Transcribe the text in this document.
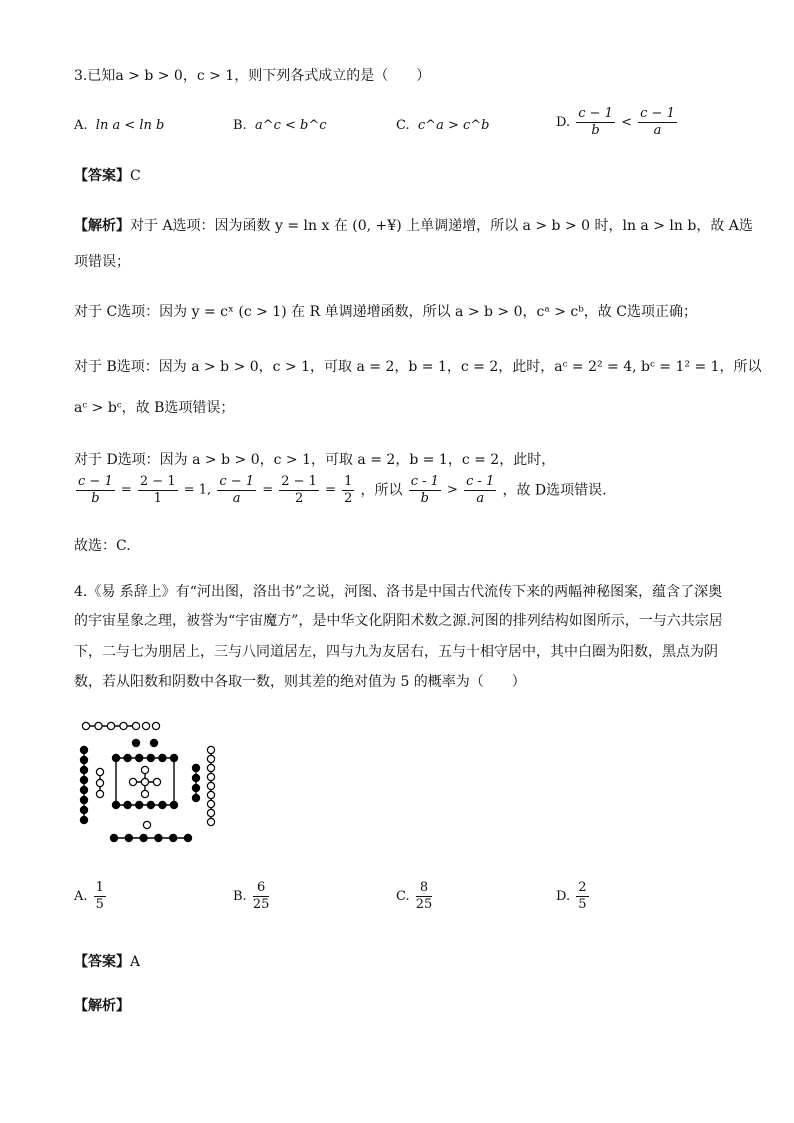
3.已知a > b > 0，c > 1，则下列各式成立的是（　　）
A. ln a < ln b	B. a^c < b^c	C. c^a > c^b	D. $\frac{c - 1}{b} < \frac{c - 1}{a}$
【答案】C
【解析】对于 A选项：因为函数 y = ln x 在 (0, +¥) 上单调递增，所以 a > b > 0 时，ln a > ln b，故 A选
项错误；
对于 C选项：因为 y = cˣ (c > 1) 在 R 单调递增函数，所以 a > b > 0，cᵃ > cᵇ，故 C选项正确；
对于 B选项：因为 a > b > 0，c > 1，可取 a = 2，b = 1，c = 2，此时，aᶜ = 2² = 4, bᶜ = 1² = 1，所以
aᶜ > bᶜ，故 B选项错误；
对于 D选项：因为 a > b > 0，c > 1，可取 a = 2，b = 1，c = 2，此时，
$\frac{c - 1}{b} = \frac{2 - 1}{1} = 1$, $\frac{c - 1}{a} = \frac{2 - 1}{2} = \frac{1}{2}$ ，所以 $\frac{c - 1}{b} > \frac{c - 1}{a}$ ，故 D选项错误.
故选：C.
4.《易 系辞上》有“河出图，洛出书”之说，河图、洛书是中国古代流传下来的两幅神秘图案，蕴含了深奥
的宇宙星象之理，被誉为“宇宙魔方”，是中华文化阴阳术数之源.河图的排列结构如图所示，一与六共宗居
下，二与七为朋居上，三与八同道居左，四与九为友居右，五与十相守居中，其中白圈为阳数，黑点为阴
数，若从阳数和阴数中各取一数，则其差的绝对值为 5 的概率为（　　）
A. $\frac{1}{5}$	B. $\frac{6}{25}$	C. $\frac{8}{25}$	D. $\frac{2}{5}$
【答案】A
【解析】
